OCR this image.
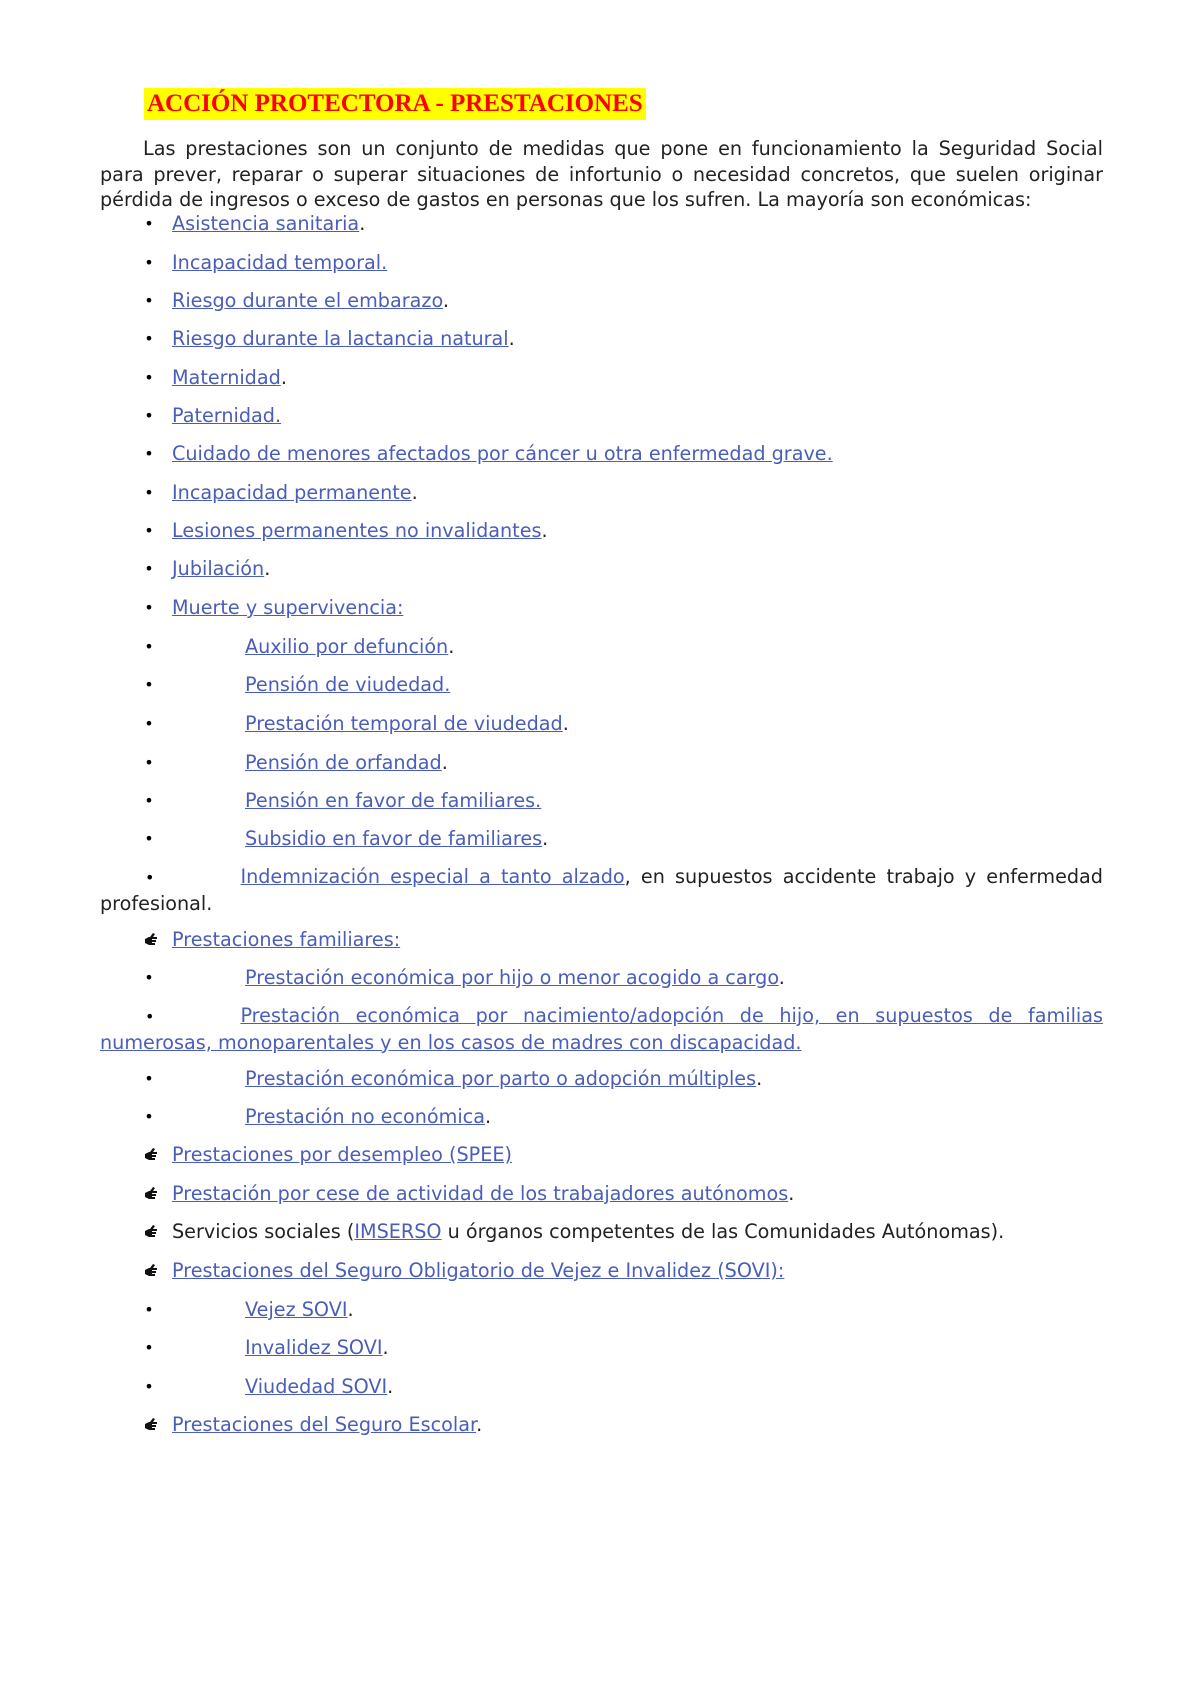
ACCIÓN PROTECTORA - PRESTACIONES

Las prestaciones son un conjunto de medidas que pone en funcionamiento la Seguridad Social para prever, reparar o superar situaciones de infortunio o necesidad concretos, que suelen originar pérdida de ingresos o exceso de gastos en personas que los sufren. La mayoría son económicas:

• Asistencia sanitaria.
• Incapacidad temporal.
• Riesgo durante el embarazo.
• Riesgo durante la lactancia natural.
• Maternidad.
• Paternidad.
• Cuidado de menores afectados por cáncer u otra enfermedad grave.
• Incapacidad permanente.
• Lesiones permanentes no invalidantes.
• Jubilación.
• Muerte y supervivencia:
•	Auxilio por defunción.
•	Pensión de viudedad.
•	Prestación temporal de viudedad.
•	Pensión de orfandad.
•	Pensión en favor de familiares.
•	Subsidio en favor de familiares.
•	Indemnización especial a tanto alzado, en supuestos accidente trabajo y enfermedad profesional.
Prestaciones familiares:
•	Prestación económica por hijo o menor acogido a cargo.
•	Prestación económica por nacimiento/adopción de hijo, en supuestos de familias numerosas, monoparentales y en los casos de madres con discapacidad.
•	Prestación económica por parto o adopción múltiples.
•	Prestación no económica.
Prestaciones por desempleo (SPEE)
Prestación por cese de actividad de los trabajadores autónomos.
Servicios sociales (IMSERSO u órganos competentes de las Comunidades Autónomas).
Prestaciones del Seguro Obligatorio de Vejez e Invalidez (SOVI):
•	Vejez SOVI.
•	Invalidez SOVI.
•	Viudedad SOVI.
Prestaciones del Seguro Escolar.
